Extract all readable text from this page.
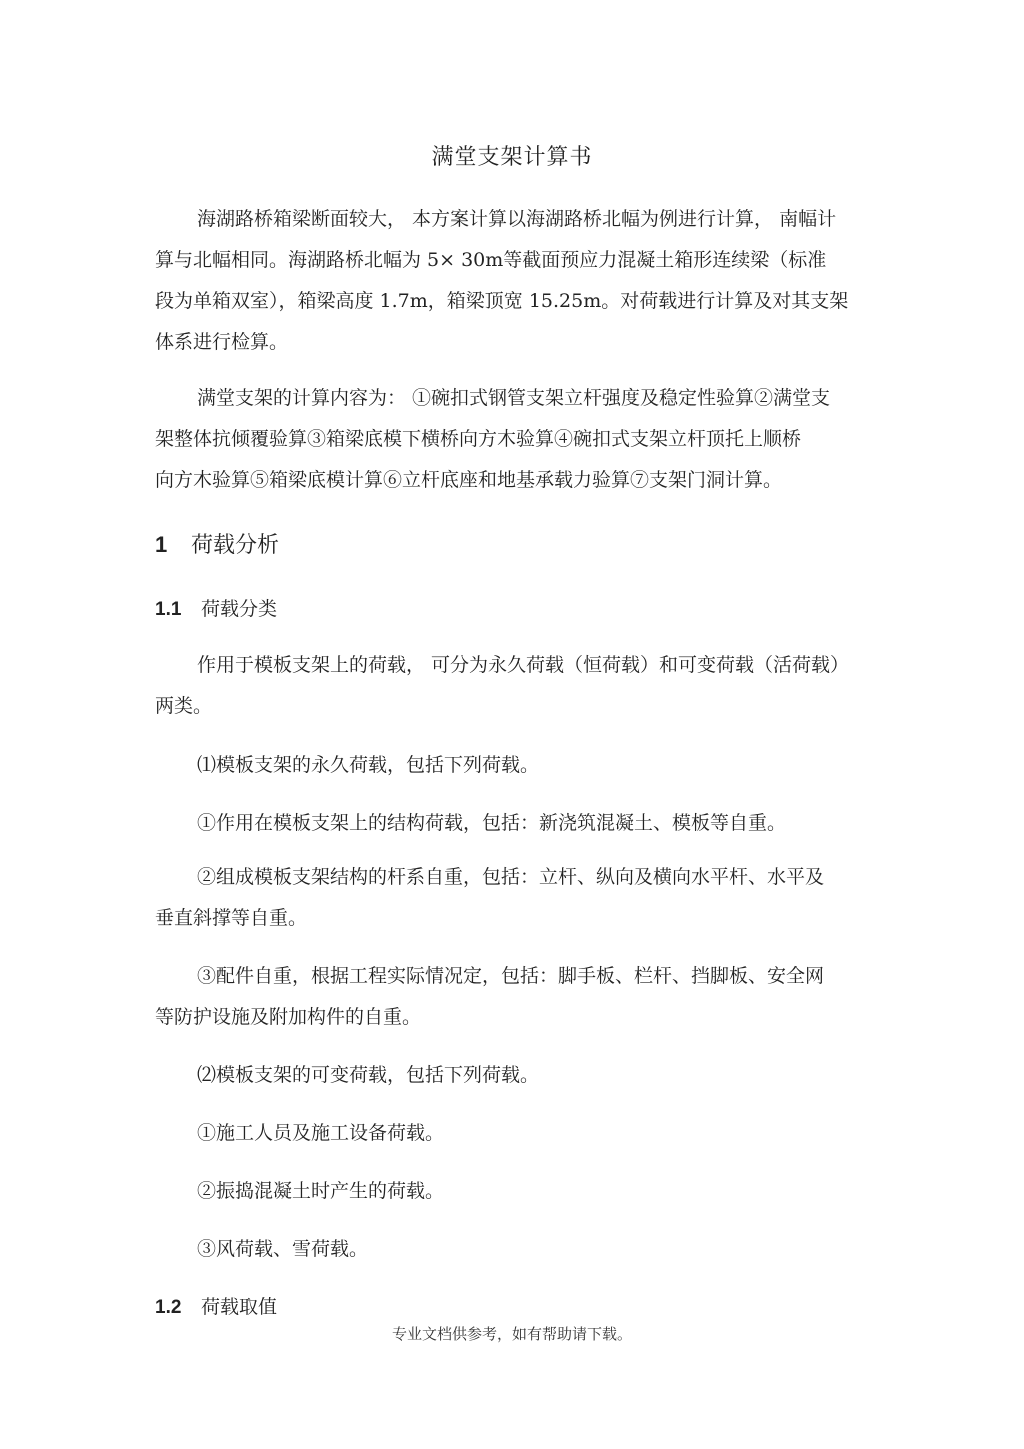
满堂支架计算书
海湖路桥箱梁断面较大， 本方案计算以海湖路桥北幅为例进行计算， 南幅计
算与北幅相同。海湖路桥北幅为 5× 30m等截面预应力混凝土箱形连续梁（标准
段为单箱双室），箱梁高度 1.7m，箱梁顶宽 15.25m。对荷载进行计算及对其支架
体系进行检算。
满堂支架的计算内容为： ①碗扣式钢管支架立杆强度及稳定性验算②满堂支
架整体抗倾覆验算③箱梁底模下横桥向方木验算④碗扣式支架立杆顶托上顺桥
向方木验算⑤箱梁底模计算⑥立杆底座和地基承载力验算⑦支架门洞计算。
1 荷载分析
1.1 荷载分类
作用于模板支架上的荷载， 可分为永久荷载（恒荷载）和可变荷载（活荷载）
两类。
⑴模板支架的永久荷载，包括下列荷载。
①作用在模板支架上的结构荷载，包括：新浇筑混凝土、模板等自重。
②组成模板支架结构的杆系自重，包括：立杆、纵向及横向水平杆、水平及
垂直斜撑等自重。
③配件自重，根据工程实际情况定，包括：脚手板、栏杆、挡脚板、安全网
等防护设施及附加构件的自重。
⑵模板支架的可变荷载，包括下列荷载。
①施工人员及施工设备荷载。
②振捣混凝土时产生的荷载。
③风荷载、雪荷载。
1.2 荷载取值
专业文档供参考，如有帮助请下载。
